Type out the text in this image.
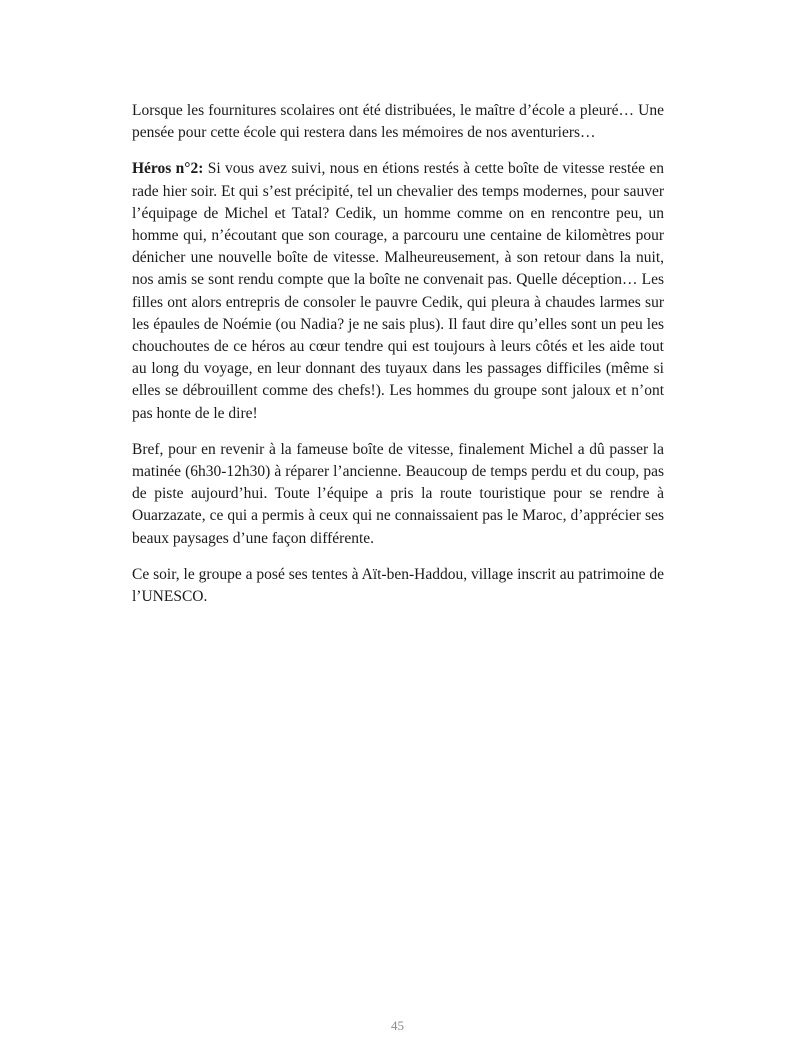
Lorsque les fournitures scolaires ont été distribuées, le maître d’école a pleuré… Une pensée pour cette école qui restera dans les mémoires de nos aventuriers…

Héros n°2: Si vous avez suivi, nous en étions restés à cette boîte de vitesse restée en rade hier soir. Et qui s’est précipité, tel un chevalier des temps modernes, pour sauver l’équipage de Michel et Tatal? Cedik, un homme comme on en rencontre peu, un homme qui, n’écoutant que son courage, a parcouru une centaine de kilomètres pour dénicher une nouvelle boîte de vitesse. Malheureusement, à son retour dans la nuit, nos amis se sont rendu compte que la boîte ne convenait pas. Quelle déception… Les filles ont alors entrepris de consoler le pauvre Cedik, qui pleura à chaudes larmes sur les épaules de Noémie (ou Nadia? je ne sais plus). Il faut dire qu’elles sont un peu les chouchoutes de ce héros au cœur tendre qui est toujours à leurs côtés et les aide tout au long du voyage, en leur donnant des tuyaux dans les passages difficiles (même si elles se débrouillent comme des chefs!). Les hommes du groupe sont jaloux et n’ont pas honte de le dire!

Bref, pour en revenir à la fameuse boîte de vitesse, finalement Michel a dû passer la matinée (6h30-12h30) à réparer l’ancienne. Beaucoup de temps perdu et du coup, pas de piste aujourd’hui. Toute l’équipe a pris la route touristique pour se rendre à Ouarzazate, ce qui a permis à ceux qui ne connaissaient pas le Maroc, d’apprécier ses beaux paysages d’une façon différente.

Ce soir, le groupe a posé ses tentes à Aït-ben-Haddou, village inscrit au patrimoine de l’UNESCO.

45
